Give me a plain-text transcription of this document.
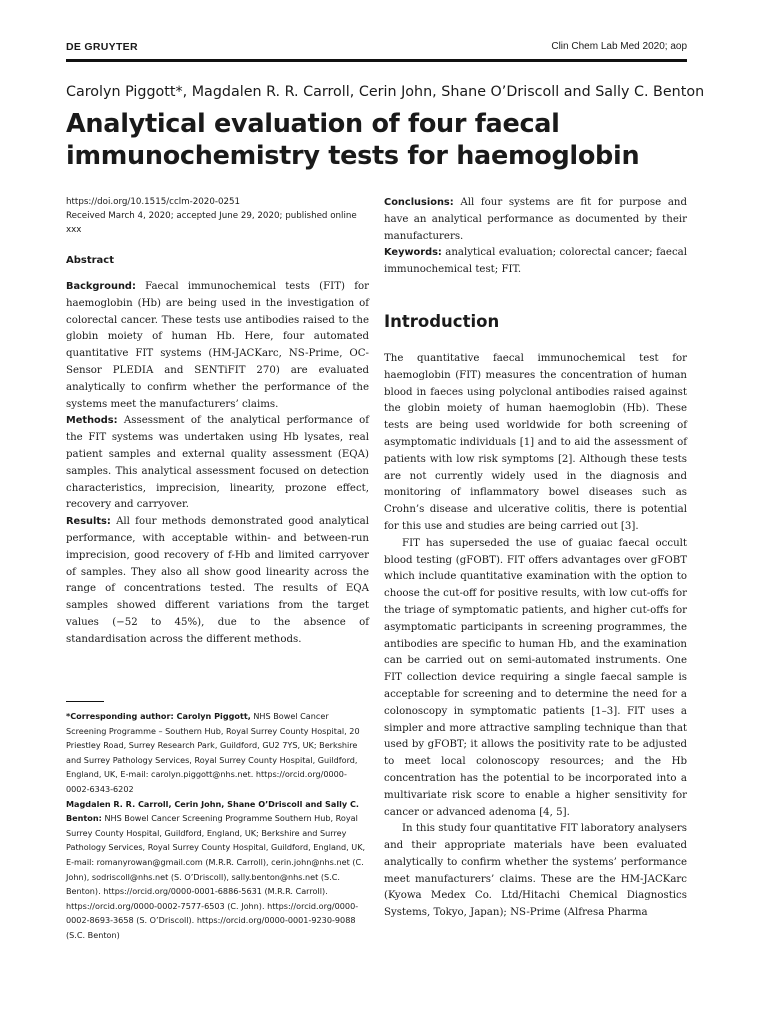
DE GRUYTER	Clin Chem Lab Med 2020; aop
Carolyn Piggott*, Magdalen R. R. Carroll, Cerin John, Shane O’Driscoll and Sally C. Benton
Analytical evaluation of four faecal immunochemistry tests for haemoglobin
https://doi.org/10.1515/cclm-2020-0251
Received March 4, 2020; accepted June 29, 2020; published online xxx
Abstract

Background: Faecal immunochemical tests (FIT) for haemoglobin (Hb) are being used in the investigation of colorectal cancer. These tests use antibodies raised to the globin moiety of human Hb. Here, four automated quantitative FIT systems (HM-JACKarc, NS-Prime, OC-Sensor PLEDIA and SENTiFIT 270) are evaluated analytically to confirm whether the performance of the systems meet the manufacturers’ claims.

Methods: Assessment of the analytical performance of the FIT systems was undertaken using Hb lysates, real patient samples and external quality assessment (EQA) samples. This analytical assessment focused on detection characteristics, imprecision, linearity, prozone effect, recovery and carryover.

Results: All four methods demonstrated good analytical performance, with acceptable within- and between-run imprecision, good recovery of f-Hb and limited carryover of samples. They also all show good linearity across the range of concentrations tested. The results of EQA samples showed different variations from the target values (−52 to 45%), due to the absence of standardisation across the different methods.

*Corresponding author: Carolyn Piggott, NHS Bowel Cancer Screening Programme – Southern Hub, Royal Surrey County Hospital, 20 Priestley Road, Surrey Research Park, Guildford, GU2 7YS, UK; Berkshire and Surrey Pathology Services, Royal Surrey County Hospital, Guildford, England, UK, E-mail: carolyn.piggott@nhs.net. https://orcid.org/0000-0002-6343-6202

Magdalen R. R. Carroll, Cerin John, Shane O’Driscoll and Sally C. Benton: NHS Bowel Cancer Screening Programme Southern Hub, Royal Surrey County Hospital, Guildford, England, UK; Berkshire and Surrey Pathology Services, Royal Surrey County Hospital, Guildford, England, UK, E-mail: romanyrowan@gmail.com (M.R.R. Carroll), cerin.john@nhs.net (C. John), sodriscoll@nhs.net (S. O’Driscoll), sally.benton@nhs.net (S.C. Benton). https://orcid.org/0000-0001-6886-5631 (M.R.R. Carroll). https://orcid.org/0000-0002-7577-6503 (C. John). https://orcid.org/0000-0002-8693-3658 (S. O’Driscoll). https://orcid.org/0000-0001-9230-9088 (S.C. Benton)

Conclusions: All four systems are fit for purpose and have an analytical performance as documented by their manufacturers.

Keywords: analytical evaluation; colorectal cancer; faecal immunochemical test; FIT.

Introduction

The quantitative faecal immunochemical test for haemoglobin (FIT) measures the concentration of human blood in faeces using polyclonal antibodies raised against the globin moiety of human haemoglobin (Hb). These tests are being used worldwide for both screening of asymptomatic individuals [1] and to aid the assessment of patients with low risk symptoms [2]. Although these tests are not currently widely used in the diagnosis and monitoring of inflammatory bowel diseases such as Crohn’s disease and ulcerative colitis, there is potential for this use and studies are being carried out [3].

FIT has superseded the use of guaiac faecal occult blood testing (gFOBT). FIT offers advantages over gFOBT which include quantitative examination with the option to choose the cut-off for positive results, with low cut-offs for the triage of symptomatic patients, and higher cut-offs for asymptomatic participants in screening programmes, the antibodies are specific to human Hb, and the examination can be carried out on semi-automated instruments. One FIT collection device requiring a single faecal sample is acceptable for screening and to determine the need for a colonoscopy in symptomatic patients [1–3]. FIT uses a simpler and more attractive sampling technique than that used by gFOBT; it allows the positivity rate to be adjusted to meet local colonoscopy resources; and the Hb concentration has the potential to be incorporated into a multivariate risk score to enable a higher sensitivity for cancer or advanced adenoma [4, 5].

In this study four quantitative FIT laboratory analysers and their appropriate materials have been evaluated analytically to confirm whether the systems’ performance meet manufacturers’ claims. These are the HM-JACKarc (Kyowa Medex Co. Ltd/Hitachi Chemical Diagnostics Systems, Tokyo, Japan); NS-Prime (Alfresa Pharma
